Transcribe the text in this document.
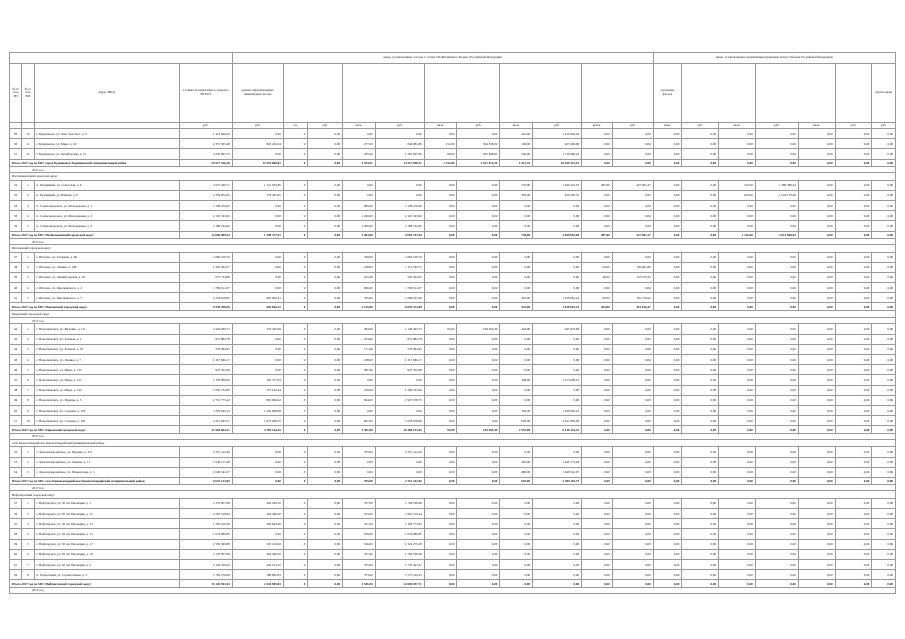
				виды, установленные частью 1 статьи 166 Жилищного Кодекса Российской Федерации											виды, установленные нормативным правовым актом субъекта Российской Федерации						
№ п/п по РП	№ п/п по ЮЗ	Адрес МКД	Стоимость капитального ремонта ВСЕГО	ремонт внутридомовых инженерных систем											утепление фасада						другие виды
			руб.	руб.	ед.	руб.	кв.м.	руб.	кв.м.	руб.	кв.м.	руб.	куб.м.	руб.	кв.м.	руб.	кв.м.	руб.	кв.м.	руб.	руб.
29	10	г. Буденновск, ул. Льва Толстого, д. 6	1 412 846,04	0,00	0	0,00	0,00	0,00	0,00	0,00	445,00	1 412 846,04	0,00	0,00	0,00	0,00	0,00	0,00	0,00	0,00	0,00
30	11	г. Буденновск, ул. Мира, д. 92	2 357 303,48	845 436,54	0	0,00	277,00	846 081,86	152,00	394 338,09	100,00	267 606,00	0,00	0,00	0,00	0,00	0,00	0,00	0,00	0,00	0,00
31	12	г. Буденновск, ул. Октябрьская, д. 51	3 255 993,74	0,00	0	0,00	435,00	1 281 307,85	88,00	205 498,82	546,00	1 710 996,43	0,00	0,00	0,00	0,00	0,00	0,00	0,00	0,00	0,00
Итого 2017 год по МО: город Буденновск Буденновский муниципальный район			35 917 536,28	12 923 860,81	0	0,00	5 423,01	14 313 090,11	1 152,00	2 531 414,34	5 417,35	29 540 351,25	0,00	0,00	0,00	0,00	0,00	0,00	0,00	0,00	0,00
2017 год																					
Изобильненский городской округ																					
32	1	п. Рыздвяный, ул. Советская, д. 6	4 575 296,71	1 151 935,86	0	0,00	0,00	0,00	0,00	0,00	555,00	1 496 201,03	287,00	427 961,27	0,00	0,00	516,00	1 389 389,24	0,00	0,00	0,00
33	2	п. Рыздвяный, ул. Южная, д. 8	2 359 872,05	176 432,45	0	0,00	0,00	0,00	0,00	0,00	330,00	659 320,35	0,00	0,00	0,00	0,00	616,00	1 524 178,40	0,00	0,00	0,00
34	3	п. Солнечнодольск, ул. Молодежная, д. 1	1 509 476,00	0,00	0	0,00	685,00	1 509 476,00	0,00	0,00	0,00	0,00	0,00	0,00	0,00	0,00	0,00	0,00	0,00	0,00	0,00
35	4	п. Солнечнодольск, ул. Молодежная, д. 3	2 165 323,00	0,00	0	0,00	1 260,00	2 165 323,00	0,00	0,00	0,00	0,00	0,00	0,00	0,00	0,00	0,00	0,00	0,00	0,00	0,00
36	5	п. Солнечнодольск, ул. Молодежная, д. 5	2 188 742,00	0,00	0	0,00	1 260,00	2 188 742,00	0,00	0,00	0,00	0,00	0,00	0,00	0,00	0,00	0,00	0,00	0,00	0,00	0,00
Итого 2017 год по МО: Изобильненский городской округ			12 606 909,54	1 308 377,01	0	0,00	3 403,00	9 004 747,04	0,00	0,00	738,00	2 659 861,00	287,00	427 961,27	0,00	0,00	1 126,00	2 013 668,64	0,00	0,00	0,00
2017 год																					
Ипатовский городской округ																					
37	1	г. Ипатово, ул. Гагарина, д. 60	1 682 109,70	0,00	0	0,00	328,00	1 682 109,70	0,00	0,00	0,00	0,00	0,00	0,00	0,00	0,00	0,00	0,00	0,00	0,00	0,00
38	2	г. Ипатово, ул. Ленина, д. 108	1 265 394,71	0,00	0	0,00	238,00	1 114 792,71	0,00	0,00	0,00	0,00	64,00	150 601,80	0,00	0,00	0,00	0,00	0,00	0,00	0,00
39	3	г. Ипатово, ул. Ленинградская, д. 45	675 734,88	0,00	0	0,00	105,00	565 264,03	0,00	0,00	0,00	0,00	49,00	110 370,25	0,00	0,00	0,00	0,00	0,00	0,00	0,00
40	4	г. Ипатово, ул. Циолковского, д. 2	1 780 611,07	0,00	0	0,00	906,00	1 780 611,07	0,00	0,00	0,00	0,00	0,00	0,00	0,00	0,00	0,00	0,00	0,00	0,00	0,00
41	5	г. Ипатово, ул. Циолковского, д. 7	4 124 618,85	695 826,31	0	0,00	335,00	1 689 557,69	0,00	0,00	322,00	1 618 081,23	90,00	181 156,62	0,00	0,00	0,00	0,00	0,00	0,00	0,00
Итого 2017 год по МО: Ипатовский городской округ			9 539 298,05	695 826,31	0	0,00	2 125,00	6 835 374,00	0,00	0,00	522,00	1 618 081,23	204,00	451 616,47	0,00	0,00	0,00	0,00	0,00	0,00	0,00
Кировский городской округ																					
2017 год																					
42	1	г. Новопавловск, ул. Журавко, д. 111	2 442 936,77	276 425,69	0	0,00	384,00	1 149 393,72	95,00	199 365,49	344,00	947 023,69	0,00	0,00	0,00	0,00	0,00	0,00	0,00	0,00	0,00
43	2	г. Новопавловск, ул. Зеленая, д. 2	831 884,78	0,00	0	0,00	254,00	831 884,78	0,00	0,00	0,00	0,00	0,00	0,00	0,00	0,00	0,00	0,00	0,00	0,00	0,00
44	3	г. Новопавловск, ул. Зеленая, д. 35	578 494,65	0,00	0	0,00	171,00	578 494,65	0,00	0,00	0,00	0,00	0,00	0,00	0,00	0,00	0,00	0,00	0,00	0,00	0,00
45	4	г. Новопавловск, ул. Ленина, д. 7	1 317 686,17	0,00	0	0,00	238,00	1 317 686,17	0,00	0,00	0,00	0,00	0,00	0,00	0,00	0,00	0,00	0,00	0,00	0,00	0,00
46	5	г. Новопавловск, ул. Мира, д. 135	947 352,98	0,00	0	0,00	281,00	947 352,98	0,00	0,00	0,00	0,00	0,00	0,00	0,00	0,00	0,00	0,00	0,00	0,00	0,00
47	6	г. Новопавловск, ул. Мира, д. 137	1 378 996,09	165 377,03	0	0,00	0,00	0,00	0,00	0,00	348,00	1 213 609,16	0,00	0,00	0,00	0,00	0,00	0,00	0,00	0,00	0,00
48	7	г. Новопавловск, ул. Мира, д. 143	1 656 732,80	357 192,44	0	0,00	476,00	1 299 533,60	0,00	0,00	0,00	0,00	0,00	0,00	0,00	0,00	0,00	0,00	0,00	0,00	0,00
49	8	г. Новопавловск, ул. Правды, д. 3	2 710 775,42	802 696,62	0	0,00	694,00	1 907 078,75	0,00	0,00	0,00	0,00	0,00	0,00	0,00	0,00	0,00	0,00	0,00	0,00	0,00
50	9	г. Новопавловск, ул. Садовая, д. 103	3 379 646,10	1 262 808,08	0	0,00	0,00	0,00	0,00	0,00	330,00	1 936 850,25	0,00	0,00	0,00	0,00	0,00	0,00	0,00	0,00	0,00
51	10	г. Новопавловск, ул. Садовая, д. 105	4 315 693,71	1 975 668,70	0	0,00	601,00	1 933 078,09	0,00	0,00	626,00	2 421 865,09	0,00	0,00	0,00	0,00	0,00	0,00	0,00	0,00	0,00
Итого 2017 год по МО: Кировский городской округ			21 903 604,21	4 769 164,45	0	0,00	3 301,00	10 466 153,45	95,00	149 365,49	2 533,00	6 519 324,22	0,00	0,00	0,00	0,00	0,00	0,00	0,00	0,00	0,00
2017 год																					
село Красногвардейское Красногвардейский муниципальный район																					
52	1	с. Красногвардейское, ул. Ярошко, д. 315	2 351 414,36	0,00	0	0,00	705,00	2 351 414,36	0,00	0,00	0,00	0,00	0,00	0,00	0,00	0,00	0,00	0,00	0,00	0,00	0,00
53	2	с. Красногвардейское, ул. Ленина, д. 71	1 640 175,48	0,00	0	0,00	0,00	0,00	0,00	0,00	465,00	1 640 175,48	0,00	0,00	0,00	0,00	0,00	0,00	0,00	0,00	0,00
54	3	с. Красногвардейское, ул. Пионерская, д. 3	1 649 541,07	0,00	0	0,00	0,00	0,00	0,00	0,00	480,00	1 649 541,07	0,00	0,00	0,00	0,00	0,00	0,00	0,00	0,00	0,00
Итого 2017 год по МО: село Красногвардейское Красногвардейский муниципальный район			5 641 133,05	0,00	0	0,00	705,00	2 351 414,36	0,00	0,00	945,00	3 289 118,75	0,00	0,00	0,00	0,00	0,00	0,00	0,00	0,00	0,00
2017 год																					
Нефтекумский городской округ																					
55	1	г. Нефтекумск, ул. 50 лет Пионерии, д. 1	2 170 857,98	404 299,50	0	0,00	767,00	1 766 558,48	0,00	0,00	0,00	0,00	0,00	0,00	0,00	0,00	0,00	0,00	0,00	0,00	0,00
56	2	г. Нефтекумск, ул. 50 лет Пионерии, д. 11	2 205 518,94	404 299,50	0	0,00	723,00	1 801 219,44	0,00	0,00	0,00	0,00	0,00	0,00	0,00	0,00	0,00	0,00	0,00	0,00	0,00
57	3	г. Нефтекумск, ул. 50 лет Пионерии, д. 13	1 595 616,58	266 843,46	0	0,00	551,00	1 328 773,04	0,00	0,00	0,00	0,00	0,00	0,00	0,00	0,00	0,00	0,00	0,00	0,00	0,00
58	4	г. Нефтекумск, ул. 50 лет Пионерии, д. 15	1 674 080,85	0,00	0	0,00	676,00	1 674 080,85	0,00	0,00	0,00	0,00	0,00	0,00	0,00	0,00	0,00	0,00	0,00	0,00	0,00
59	5	г. Нефтекумск, ул. 50 лет Пионерии, д. 17	1 559 399,88	235 129,60	0	0,00	526,00	1 324 270,28	0,00	0,00	0,00	0,00	0,00	0,00	0,00	0,00	0,00	0,00	0,00	0,00	0,00
60	6	г. Нефтекумск, ул. 50 лет Пионерии, д. 19	2 170 857,98	404 299,50	0	0,00	767,00	1 766 558,48	0,00	0,00	0,00	0,00	0,00	0,00	0,00	0,00	0,00	0,00	0,00	0,00	0,00
61	7	г. Нефтекумск, ул. 50 лет Пионерии, д. 5	2 162 356,63	426 913,32	0	0,00	705,00	1 735 443,31	0,00	0,00	0,00	0,00	0,00	0,00	0,00	0,00	0,00	0,00	0,00	0,00	0,00
62	8	п. Затеречный, ул. Строительная, д. 5	1 762 276,08	188 865,83	0	0,00	373,00	1 573 410,25	0,00	0,00	0,00	0,00	0,00	0,00	0,00	0,00	0,00	0,00	0,00	0,00	0,00
Итого 2017 год по МО: Нефтекумский городской округ			15 126 943,54	2 326 905,83	0	0,00	4 536,50	12 800 057,71	0,00	0,00	0,00	0,00	0,00	0,00	0,00	0,00	0,00	0,00	0,00	0,00	0,00
2017 год																					
